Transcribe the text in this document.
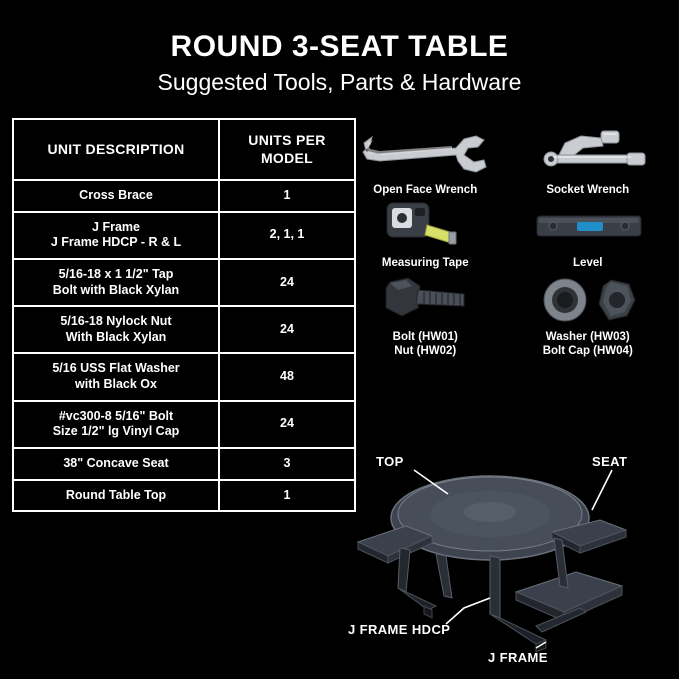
ROUND 3-SEAT TABLE
Suggested Tools, Parts & Hardware
UNIT DESCRIPTION	UNITS PER MODEL
Cross Brace	1
J Frame
J Frame HDCP - R & L	2, 1, 1
5/16-18 x 1 1/2" Tap
Bolt with Black Xylan	24
5/16-18 Nylock Nut
With Black Xylan	24
5/16 USS Flat Washer
with Black Ox	48
#vc300-8 5/16" Bolt
Size 1/2" lg Vinyl Cap	24
38" Concave Seat	3
Round Table Top	1
Open Face Wrench	Socket Wrench
Measuring Tape	Level
Bolt (HW01)
Nut (HW02)
Washer (HW03)
Bolt Cap (HW04)
TOP	SEAT
J FRAME HDCP
J FRAME
